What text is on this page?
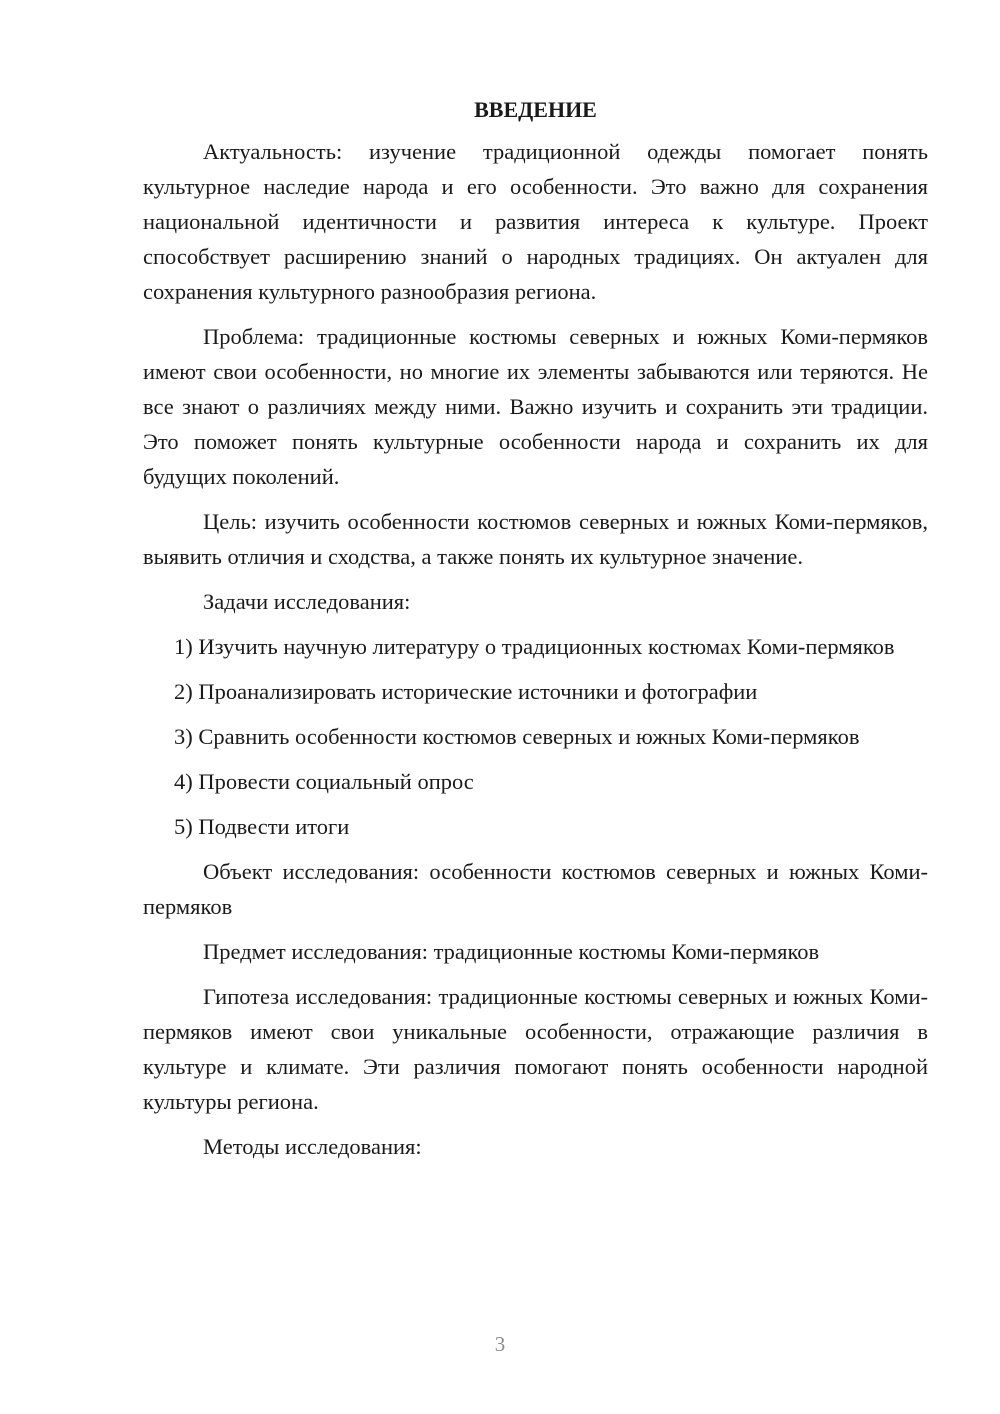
ВВЕДЕНИЕ

Актуальность: изучение традиционной одежды помогает понять культурное наследие народа и его особенности. Это важно для сохранения национальной идентичности и развития интереса к культуре. Проект способствует расширению знаний о народных традициях. Он актуален для сохранения культурного разнообразия региона.

Проблема: традиционные костюмы северных и южных Коми-пермяков имеют свои особенности, но многие их элементы забываются или теряются. Не все знают о различиях между ними. Важно изучить и сохранить эти традиции. Это поможет понять культурные особенности народа и сохранить их для будущих поколений.

Цель: изучить особенности костюмов северных и южных Коми-пермяков, выявить отличия и сходства, а также понять их культурное значение.

Задачи исследования:

1) Изучить научную литературу о традиционных костюмах Коми-пермяков

2) Проанализировать исторические источники и фотографии

3) Сравнить особенности костюмов северных и южных Коми-пермяков

4) Провести социальный опрос

5) Подвести итоги

Объект исследования: особенности костюмов северных и южных Коми-пермяков

Предмет исследования: традиционные костюмы Коми-пермяков

Гипотеза исследования: традиционные костюмы северных и южных Коми-пермяков имеют свои уникальные особенности, отражающие различия в культуре и климате. Эти различия помогают понять особенности народной культуры региона.

Методы исследования:

3
